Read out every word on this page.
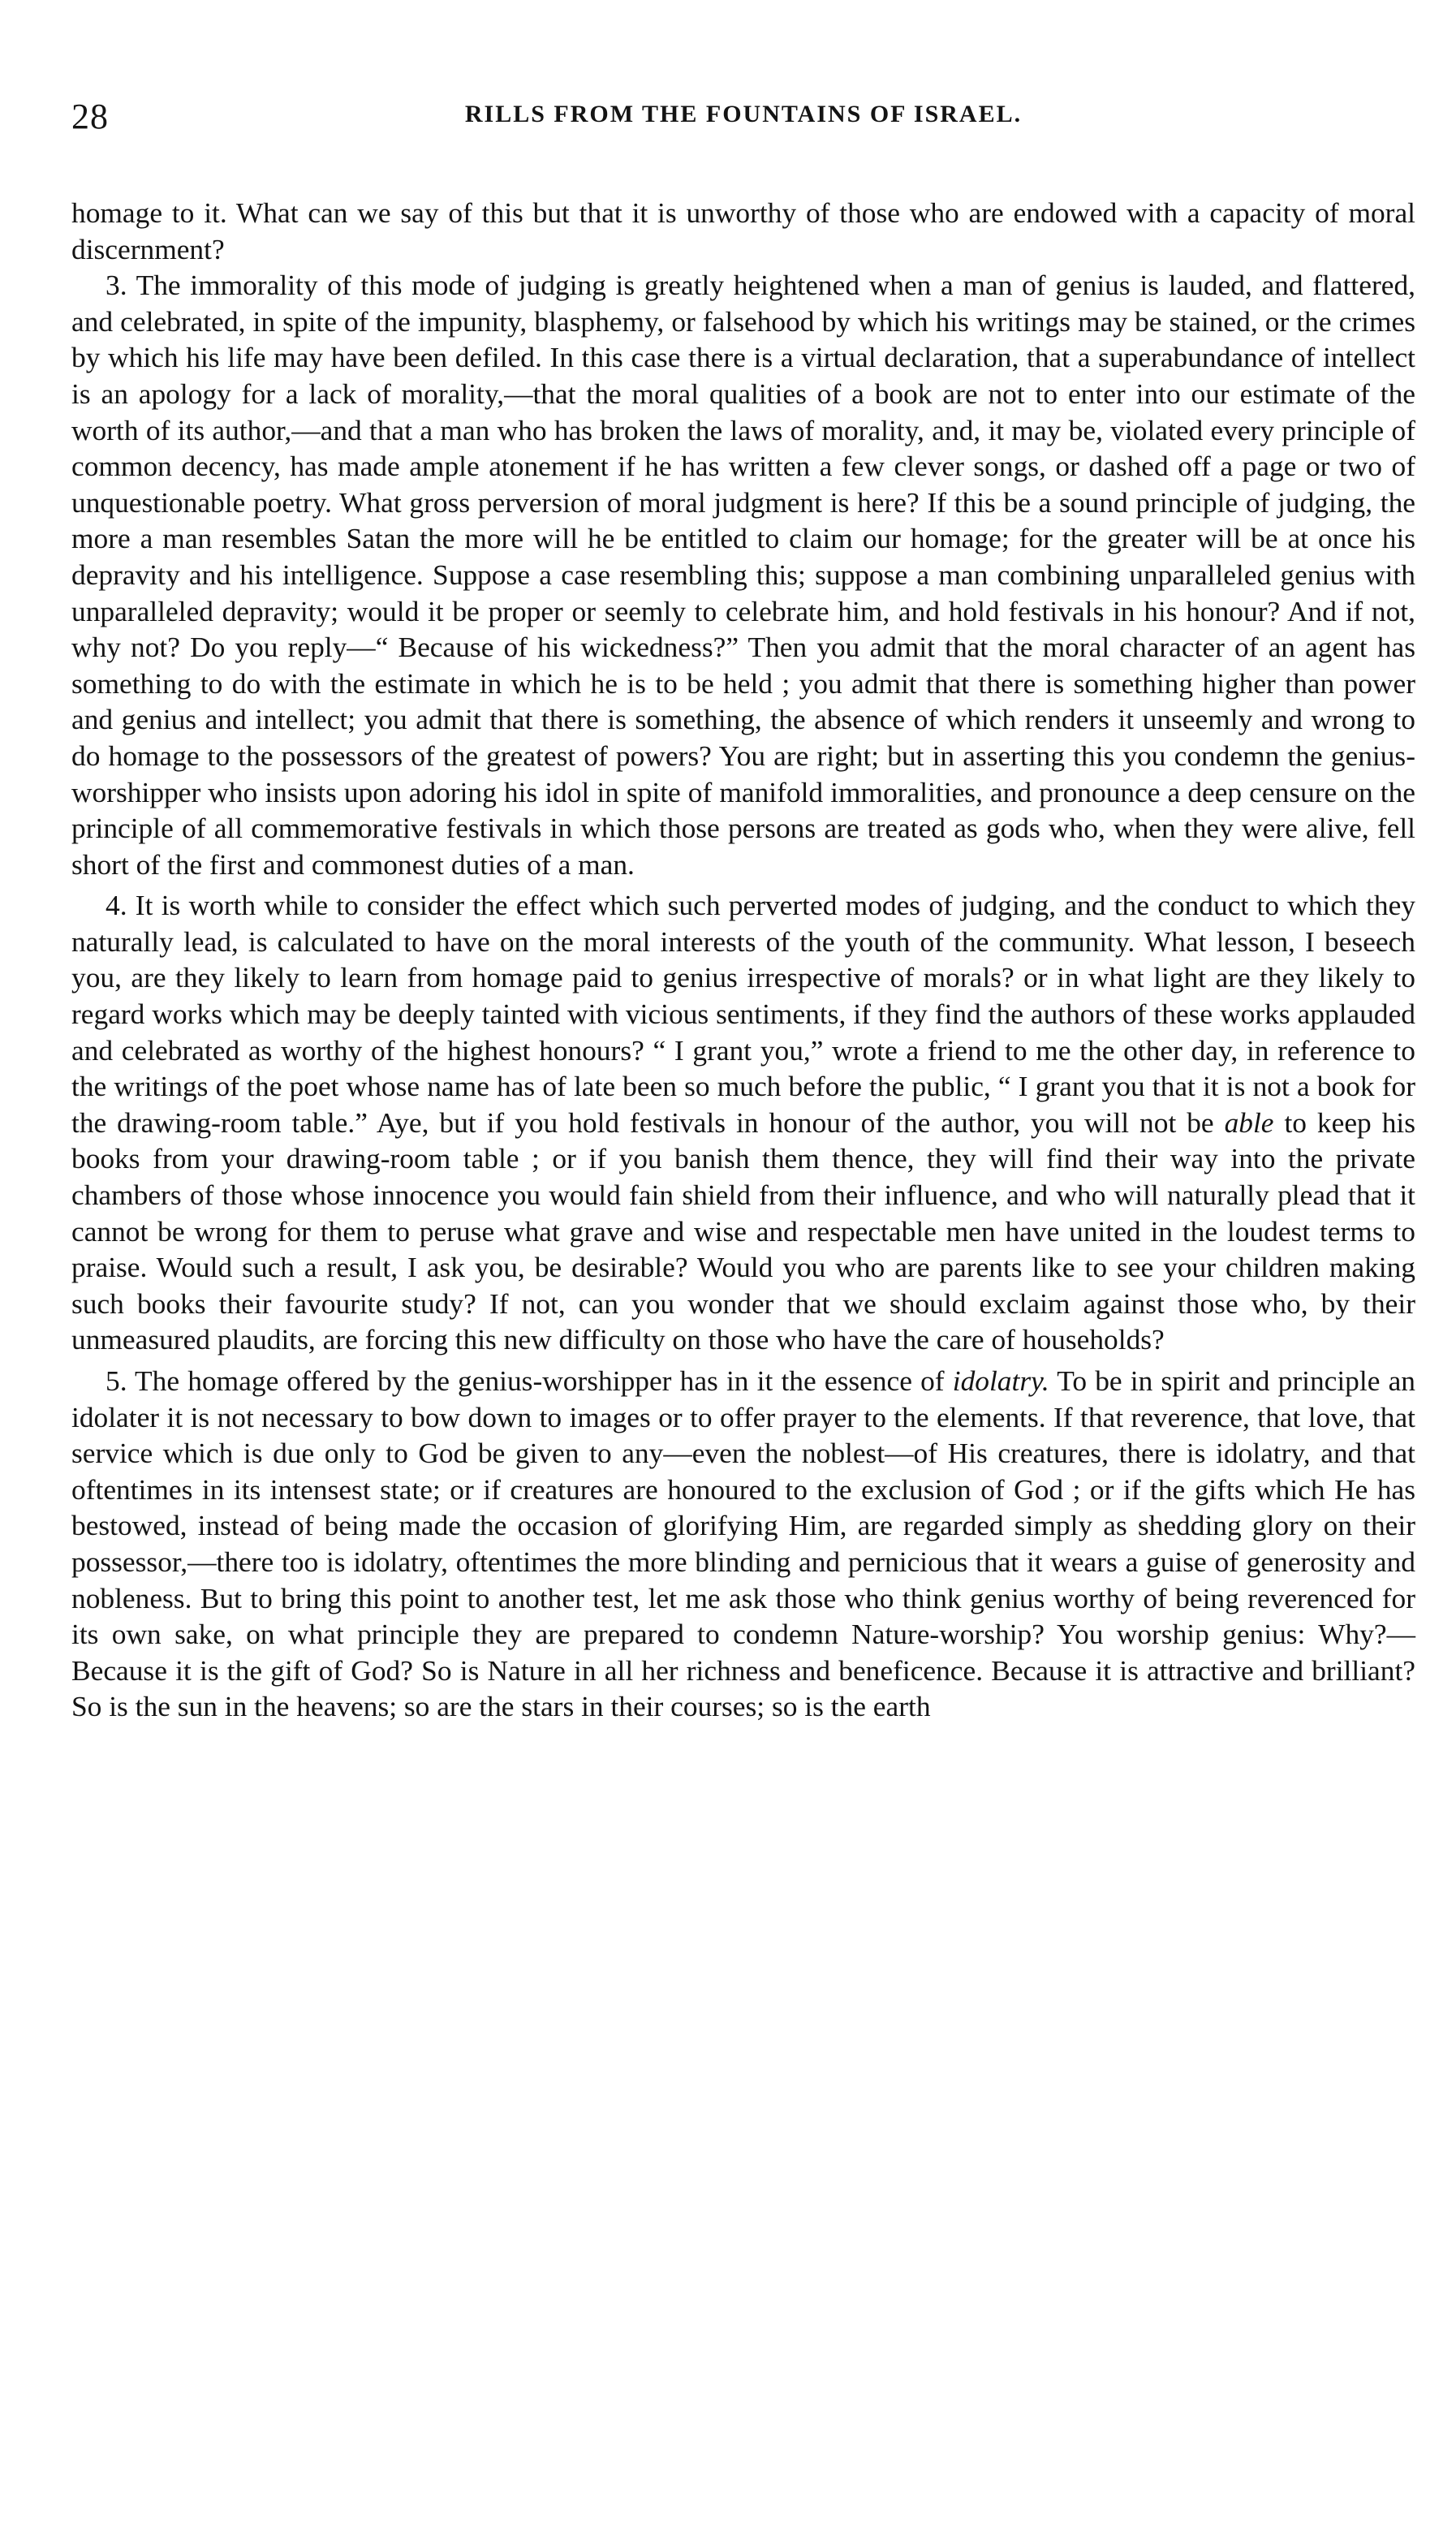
28	RILLS FROM THE FOUNTAINS OF ISRAEL.

homage to it. What can we say of this but that it is unworthy of those who are endowed with a capacity of moral discernment?

3. The immorality of this mode of judging is greatly heightened when a man of genius is lauded, and flattered, and celebrated, in spite of the impunity, blasphemy, or falsehood by which his writings may be stained, or the crimes by which his life may have been defiled. In this case there is a virtual declaration, that a superabundance of intellect is an apology for a lack of morality,—that the moral qualities of a book are not to enter into our estimate of the worth of its author,—and that a man who has broken the laws of morality, and, it may be, violated every principle of common decency, has made ample atonement if he has written a few clever songs, or dashed off a page or two of unquestionable poetry. What gross perversion of moral judgment is here? If this be a sound principle of judging, the more a man resembles Satan the more will he be entitled to claim our homage; for the greater will be at once his depravity and his intelligence. Suppose a case resembling this; suppose a man combining unparalleled genius with unparalleled depravity; would it be proper or seemly to celebrate him, and hold festivals in his honour? And if not, why not? Do you reply—“ Because of his wickedness?” Then you admit that the moral character of an agent has something to do with the estimate in which he is to be held ; you admit that there is something higher than power and genius and intellect; you admit that there is something, the absence of which renders it unseemly and wrong to do homage to the possessors of the greatest of powers? You are right; but in asserting this you condemn the genius-worshipper who insists upon adoring his idol in spite of manifold immoralities, and pronounce a deep censure on the principle of all commemorative festivals in which those persons are treated as gods who, when they were alive, fell short of the first and commonest duties of a man.

4. It is worth while to consider the effect which such perverted modes of judging, and the conduct to which they naturally lead, is calculated to have on the moral interests of the youth of the community. What lesson, I beseech you, are they likely to learn from homage paid to genius irrespective of morals? or in what light are they likely to regard works which may be deeply tainted with vicious sentiments, if they find the authors of these works applauded and celebrated as worthy of the highest honours? “ I grant you,” wrote a friend to me the other day, in reference to the writings of the poet whose name has of late been so much before the public, “ I grant you that it is not a book for the drawing-room table.” Aye, but if you hold festivals in honour of the author, you will not be able to keep his books from your drawing-room table ; or if you banish them thence, they will find their way into the private chambers of those whose innocence you would fain shield from their influence, and who will naturally plead that it cannot be wrong for them to peruse what grave and wise and respectable men have united in the loudest terms to praise. Would such a result, I ask you, be desirable? Would you who are parents like to see your children making such books their favourite study? If not, can you wonder that we should exclaim against those who, by their unmeasured plaudits, are forcing this new difficulty on those who have the care of households?

5. The homage offered by the genius-worshipper has in it the essence of idolatry. To be in spirit and principle an idolater it is not necessary to bow down to images or to offer prayer to the elements. If that reverence, that love, that service which is due only to God be given to any—even the noblest—of His creatures, there is idolatry, and that oftentimes in its intensest state; or if creatures are honoured to the exclusion of God ; or if the gifts which He has bestowed, instead of being made the occasion of glorifying Him, are regarded simply as shedding glory on their possessor,—there too is idolatry, oftentimes the more blinding and pernicious that it wears a guise of generosity and nobleness. But to bring this point to another test, let me ask those who think genius worthy of being reverenced for its own sake, on what principle they are prepared to condemn Nature-worship? You worship genius: Why?—Because it is the gift of God? So is Nature in all her richness and beneficence. Because it is attractive and brilliant? So is the sun in the heavens; so are the stars in their courses; so is the earth
